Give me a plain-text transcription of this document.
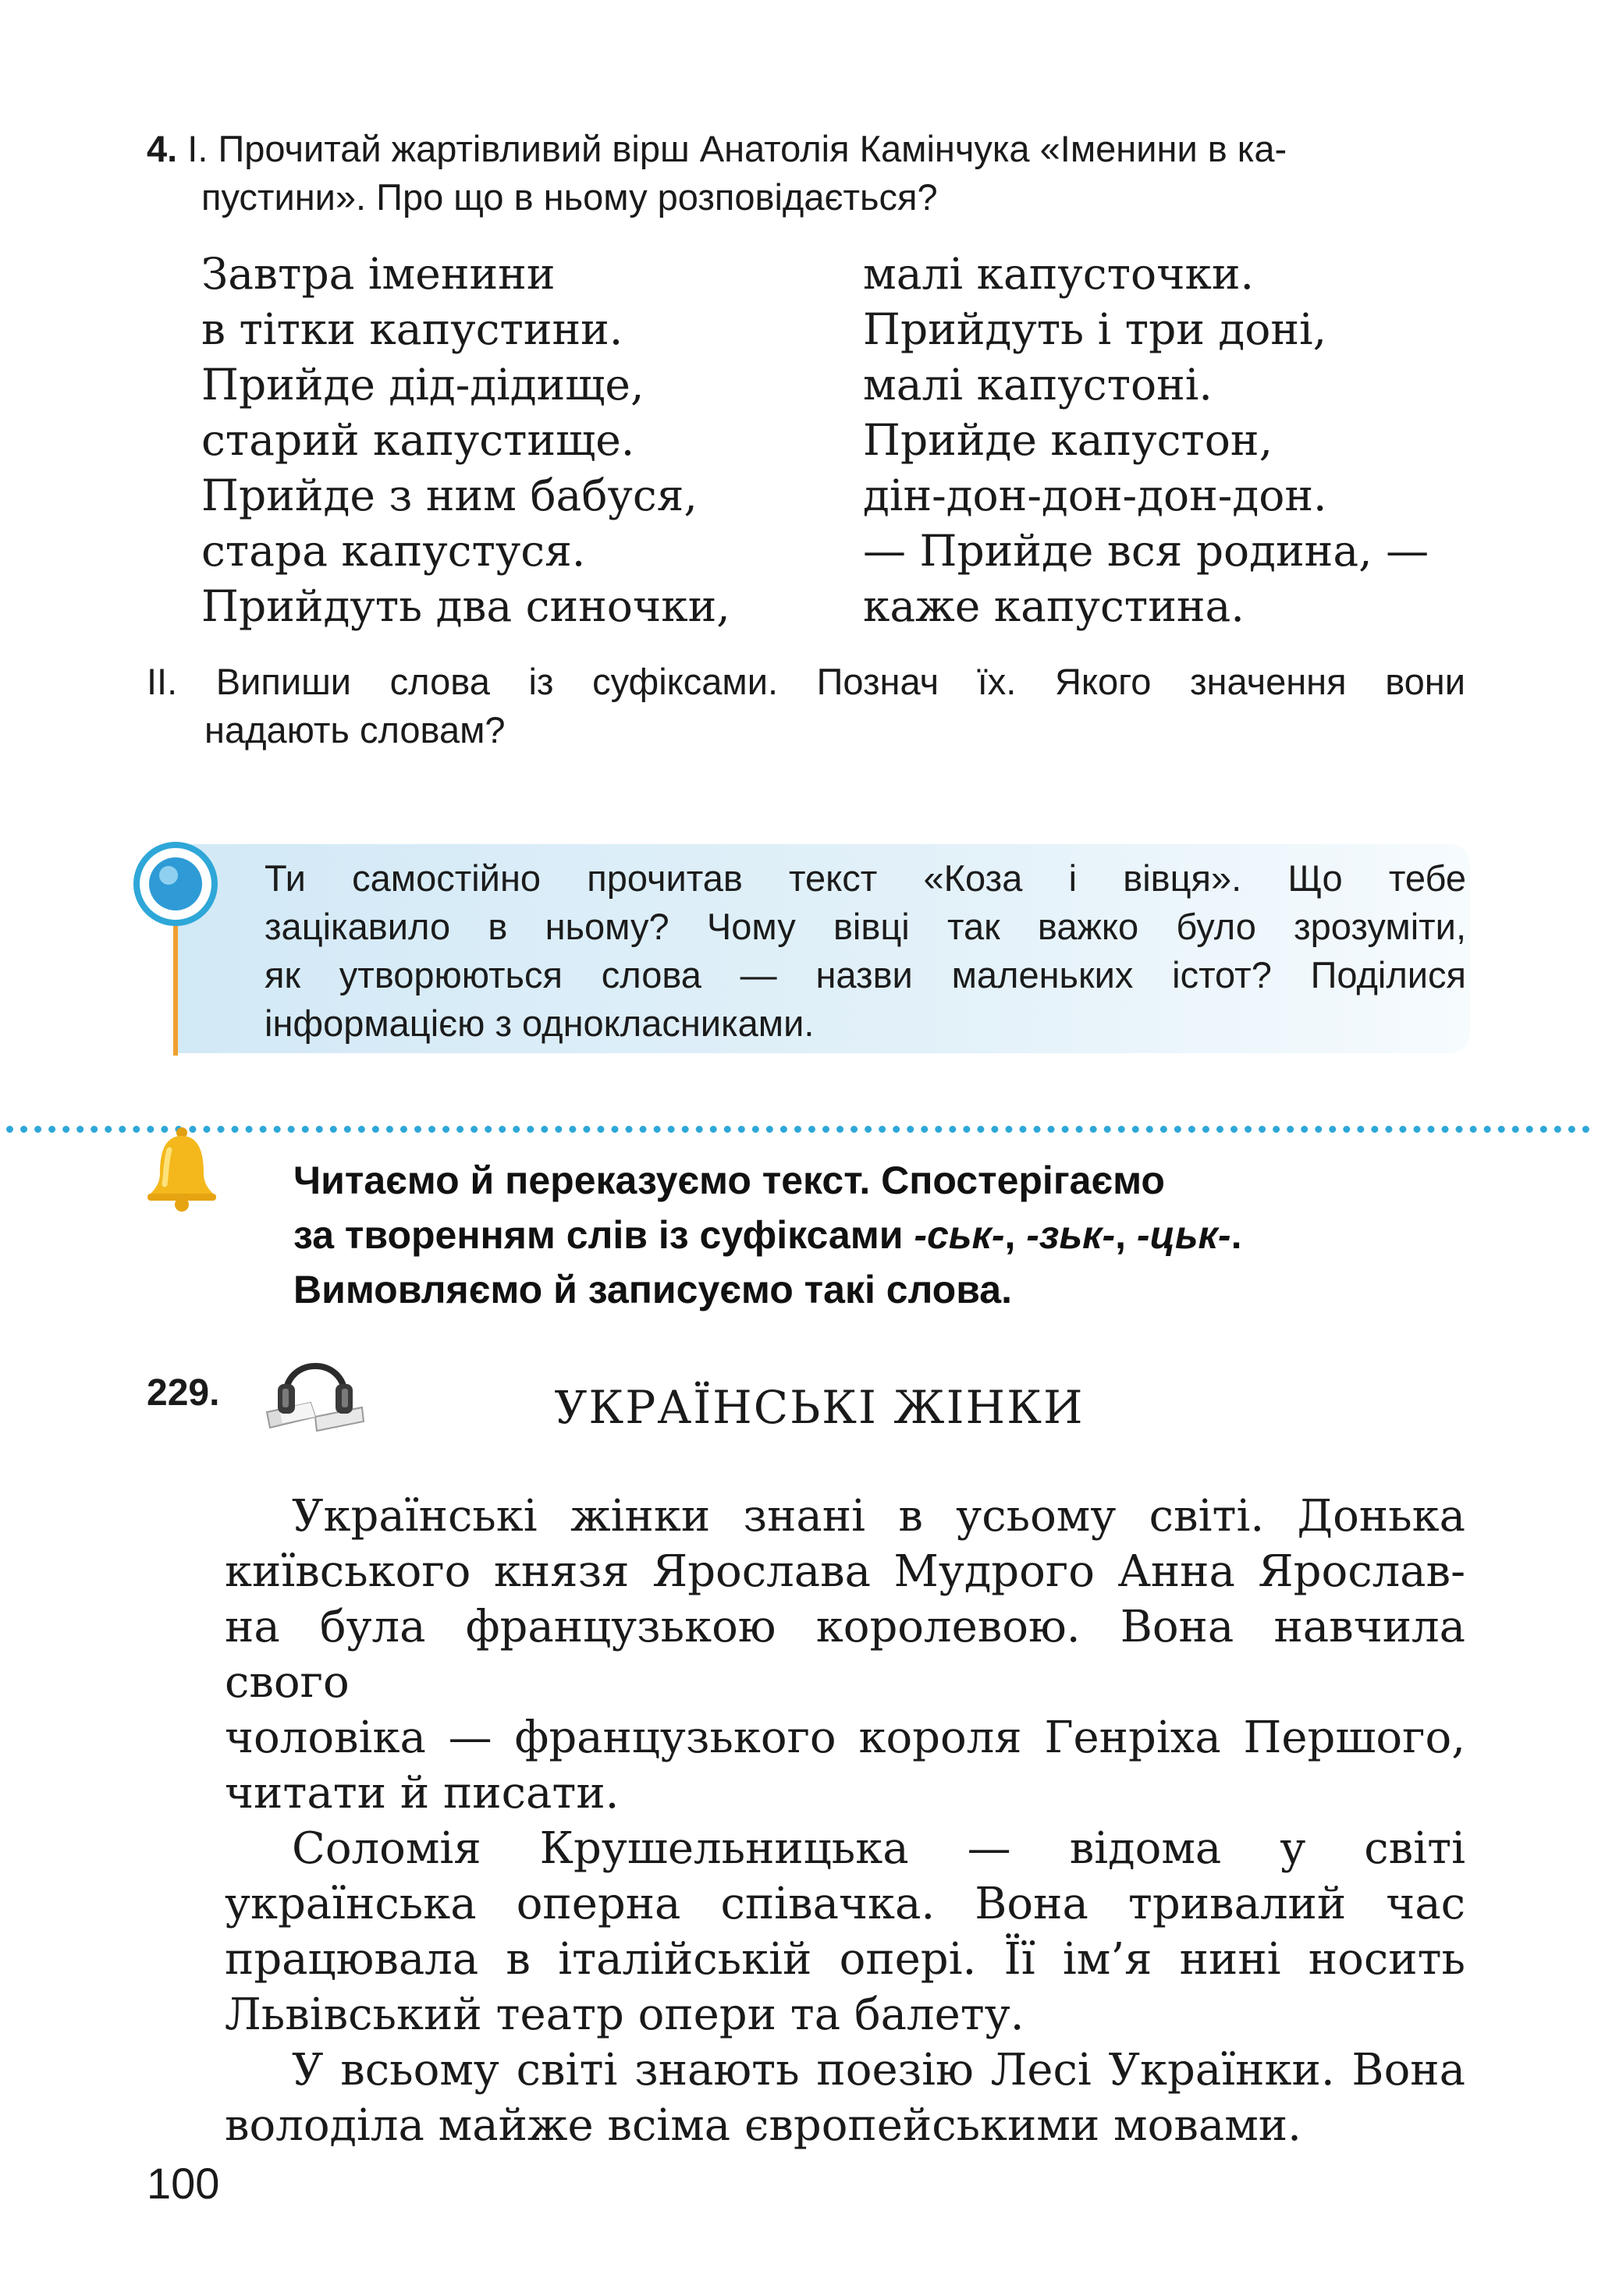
4. І. Прочитай жартівливий вірш Анатолія Камінчука «Іменини в ка-
пустини». Про що в ньому розповідається?
Завтра іменини
в тітки капустини.
Прийде дід-дідище,
старий капустище.
Прийде з ним бабуся,
стара капустуся.
Прийдуть два синочки,
малі капусточки.
Прийдуть і три доні,
малі капустоні.
Прийде капустон,
дін-дон-дон-дон-дон.
— Прийде вся родина, —
каже капустина.
ІІ. Випиши слова із суфіксами. Познач їх. Якого значення вони
надають словам?
Ти самостійно прочитав текст «Коза і вівця». Що тебе
зацікавило в ньому? Чому вівці так важко було зрозуміти,
як утворюються слова — назви маленьких істот? Поділися
інформацією з однокласниками.
Читаємо й переказуємо текст. Спостерігаємо
за творенням слів із суфіксами -ськ-, -зьк-, -цьк-.
Вимовляємо й записуємо такі слова.
229.	УКРАЇНСЬКІ ЖІНКИ

Українські жінки знані в усьому світі. Донька
київського князя Ярослава Мудрого Анна Ярослав-
на була французькою королевою. Вона навчила свого
чоловіка — французького короля Генріха Першого,
читати й писати.

Соломія Крушельницька — відома у світі
українська оперна співачка. Вона тривалий час
працювала в італійській опері. Її ім’я нині носить
Львівський театр опери та балету.

У всьому світі знають поезію Лесі Українки. Вона
володіла майже всіма європейськими мовами.

100
